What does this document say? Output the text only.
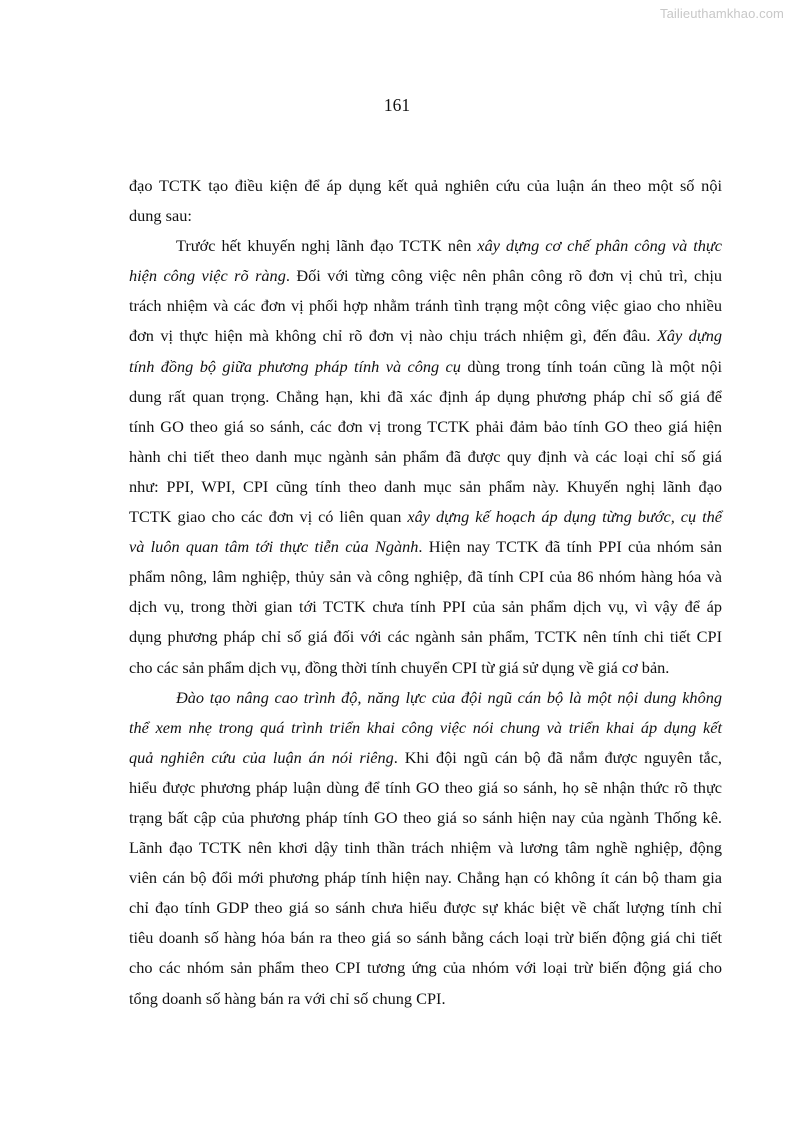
Tailieuthamkhao.com
161
đạo TCTK tạo điều kiện để áp dụng kết quả nghiên cứu của luận án theo một số nội
dung sau:
Trước hết khuyến nghị lãnh đạo TCTK nên xây dựng cơ chế phân công và thực
hiện công việc rõ ràng. Đối với từng công việc nên phân công rõ đơn vị chủ trì, chịu
trách nhiệm và các đơn vị phối hợp nhằm tránh tình trạng một công việc giao cho nhiều
đơn vị thực hiện mà không chỉ rõ đơn vị nào chịu trách nhiệm gì, đến đâu. Xây dựng
tính đồng bộ giữa phương pháp tính và công cụ dùng trong tính toán cũng là một nội
dung rất quan trọng. Chẳng hạn, khi đã xác định áp dụng phương pháp chỉ số giá để
tính GO theo giá so sánh, các đơn vị trong TCTK phải đảm bảo tính GO theo giá hiện
hành chi tiết theo danh mục ngành sản phẩm đã được quy định và các loại chỉ số giá
như: PPI, WPI, CPI cũng tính theo danh mục sản phẩm này. Khuyến nghị lãnh đạo
TCTK giao cho các đơn vị có liên quan xây dựng kế hoạch áp dụng từng bước, cụ thể
và luôn quan tâm tới thực tiễn của Ngành. Hiện nay TCTK đã tính PPI của nhóm sản
phẩm nông, lâm nghiệp, thủy sản và công nghiệp, đã tính CPI của 86 nhóm hàng hóa và
dịch vụ, trong thời gian tới TCTK chưa tính PPI của sản phẩm dịch vụ, vì vậy để áp
dụng phương pháp chỉ số giá đối với các ngành sản phẩm, TCTK nên tính chi tiết CPI
cho các sản phẩm dịch vụ, đồng thời tính chuyển CPI từ giá sử dụng về giá cơ bản.
Đào tạo nâng cao trình độ, năng lực của đội ngũ cán bộ là một nội dung không
thể xem nhẹ trong quá trình triển khai công việc nói chung và triển khai áp dụng kết
quả nghiên cứu của luận án nói riêng. Khi đội ngũ cán bộ đã nắm được nguyên tắc,
hiểu được phương pháp luận dùng để tính GO theo giá so sánh, họ sẽ nhận thức rõ thực
trạng bất cập của phương pháp tính GO theo giá so sánh hiện nay của ngành Thống kê.
Lãnh đạo TCTK nên khơi dậy tinh thần trách nhiệm và lương tâm nghề nghiệp, động
viên cán bộ đổi mới phương pháp tính hiện nay. Chẳng hạn có không ít cán bộ tham gia
chỉ đạo tính GDP theo giá so sánh chưa hiểu được sự khác biệt về chất lượng tính chỉ
tiêu doanh số hàng hóa bán ra theo giá so sánh bằng cách loại trừ biến động giá chi tiết
cho các nhóm sản phẩm theo CPI tương ứng của nhóm với loại trừ biến động giá cho
tổng doanh số hàng bán ra với chỉ số chung CPI.
